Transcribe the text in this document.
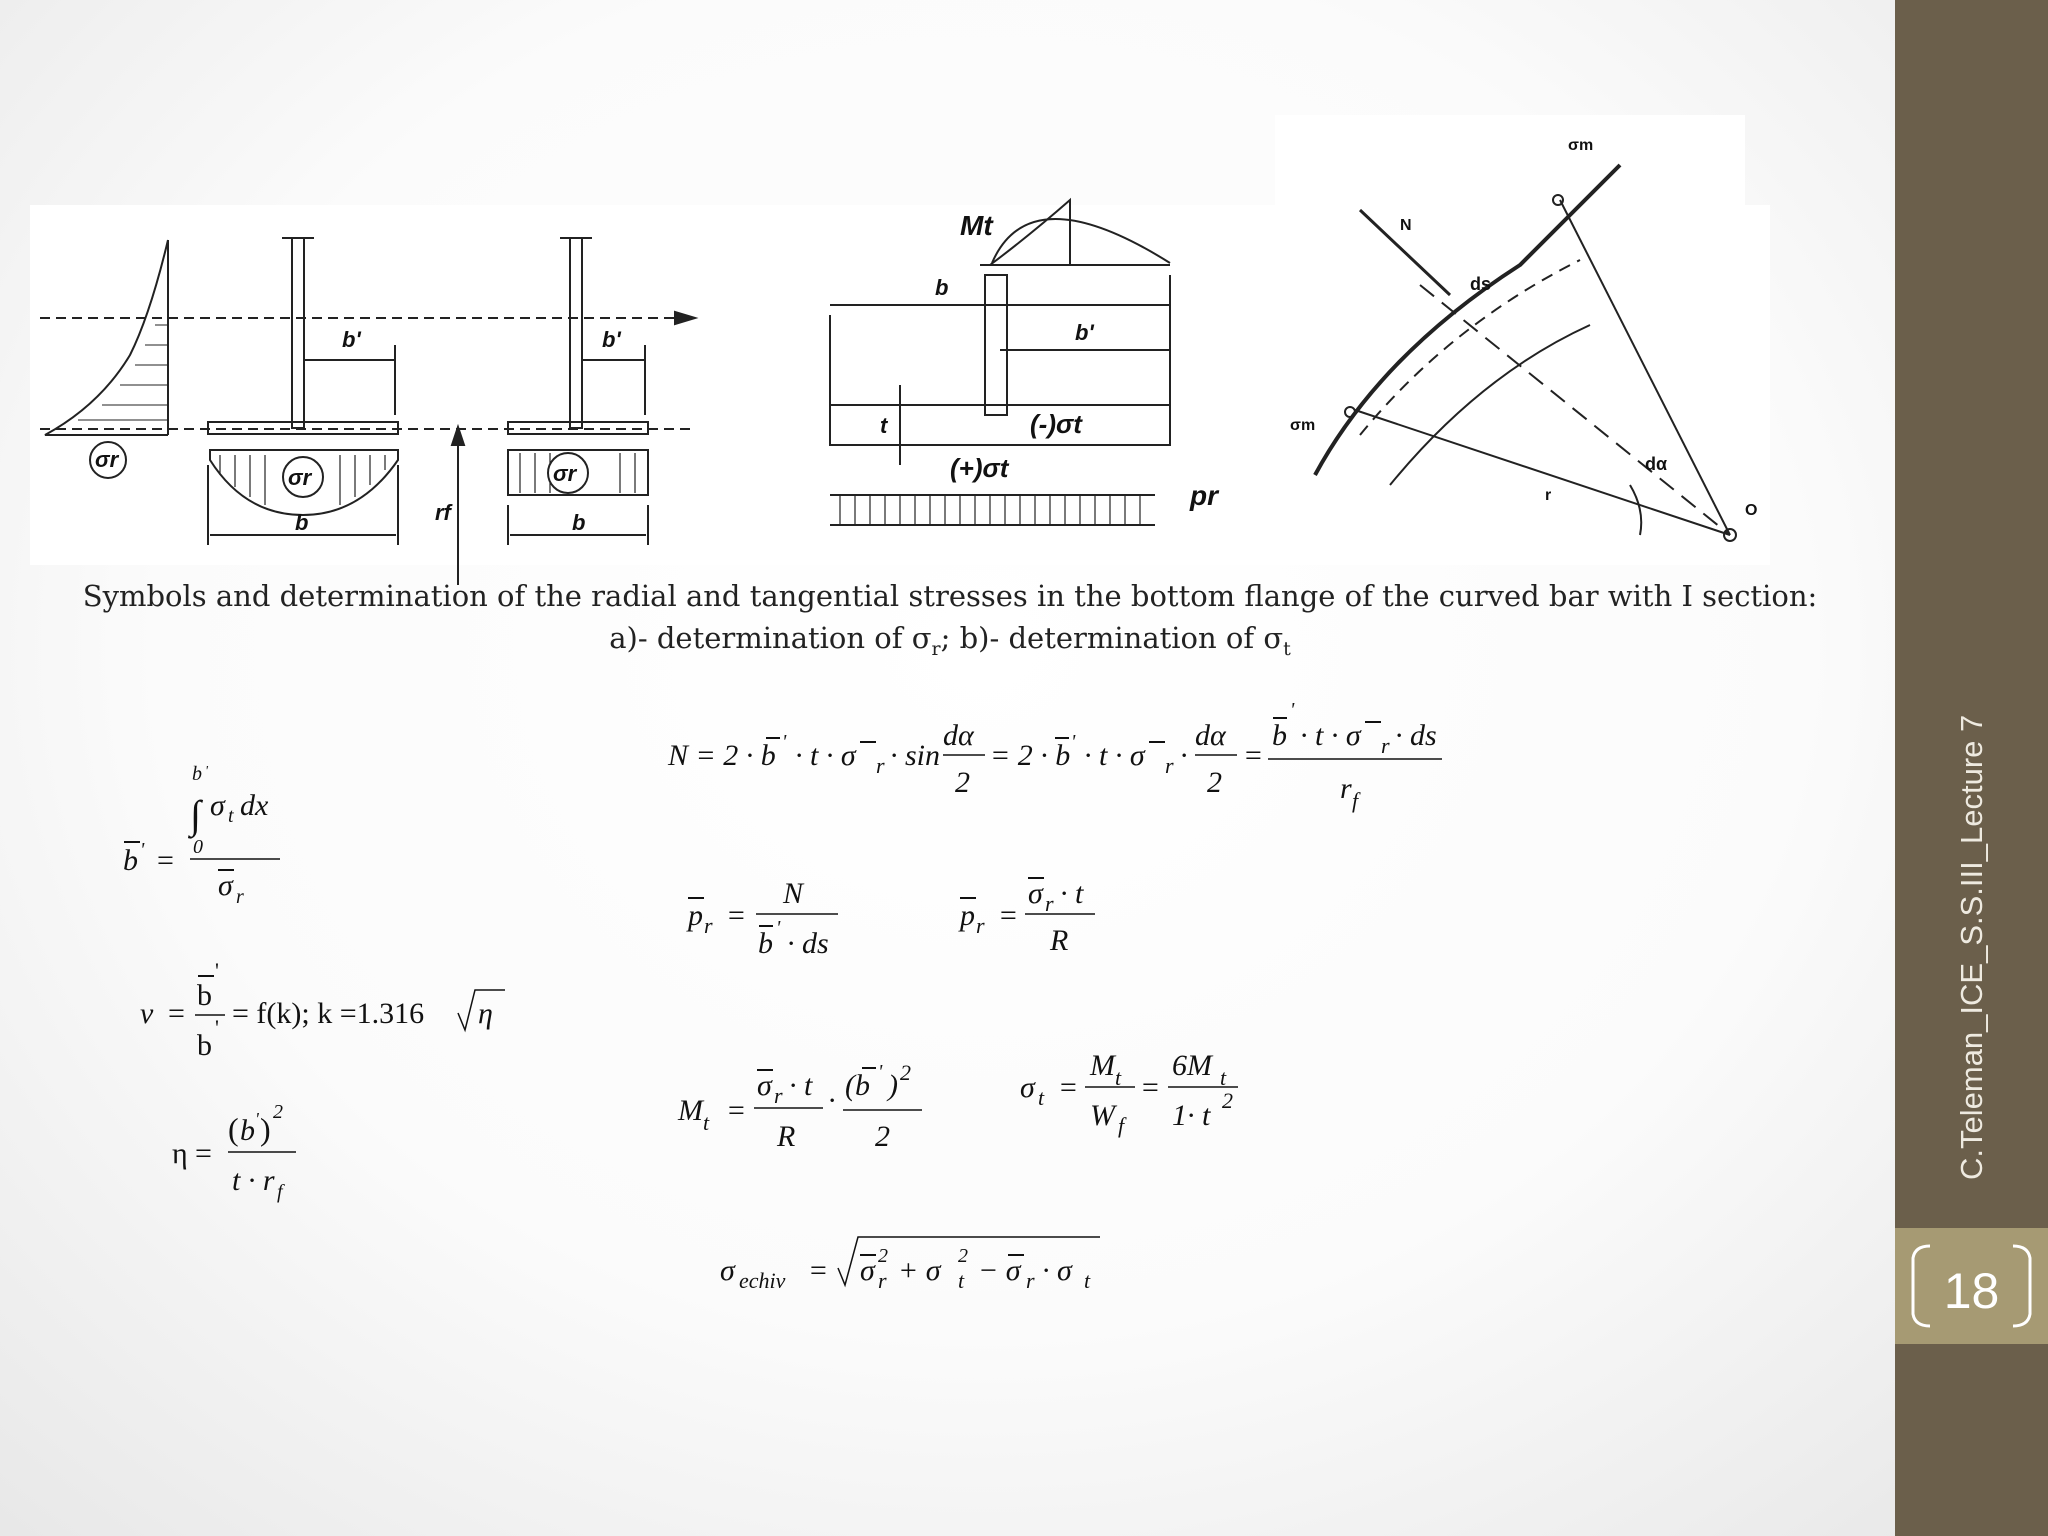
σr
σr	σr
b'	b'
b	b
rf
Mt
b
b'
t	(-)σt
(+)σt
pr
σm
σm
N
ds
dα
r
O
Symbols and determination of the radial and tangential stresses in the bottom flange of the curved bar with I section:
a)- determination of $\sigma_r$; b)- determination of $\sigma_t$
b ' =
b '
∫ σ t dx
0
σ r
ν =
b
'
b
' = f(k); k =1.316 η
η =
( b ' ) 2
t · r f
N = 2 · b ' · t · σ r · sin
dα
2
= 2 · b ' · t · σ r ·
dα
2
=
b
'
· t · σ r · ds
r f
p r =
N
b ' · ds
p r =
σ r · t
R
M t =
σ r · t
R
· (b ' ) 2
2
σ t =
M t
W f
=
6M t
1· t 2
σ echiv = σ 2
r + σ 2
t − σ r · σ t
C.Teleman_ICE_S.S.III_Lecture 7
18
